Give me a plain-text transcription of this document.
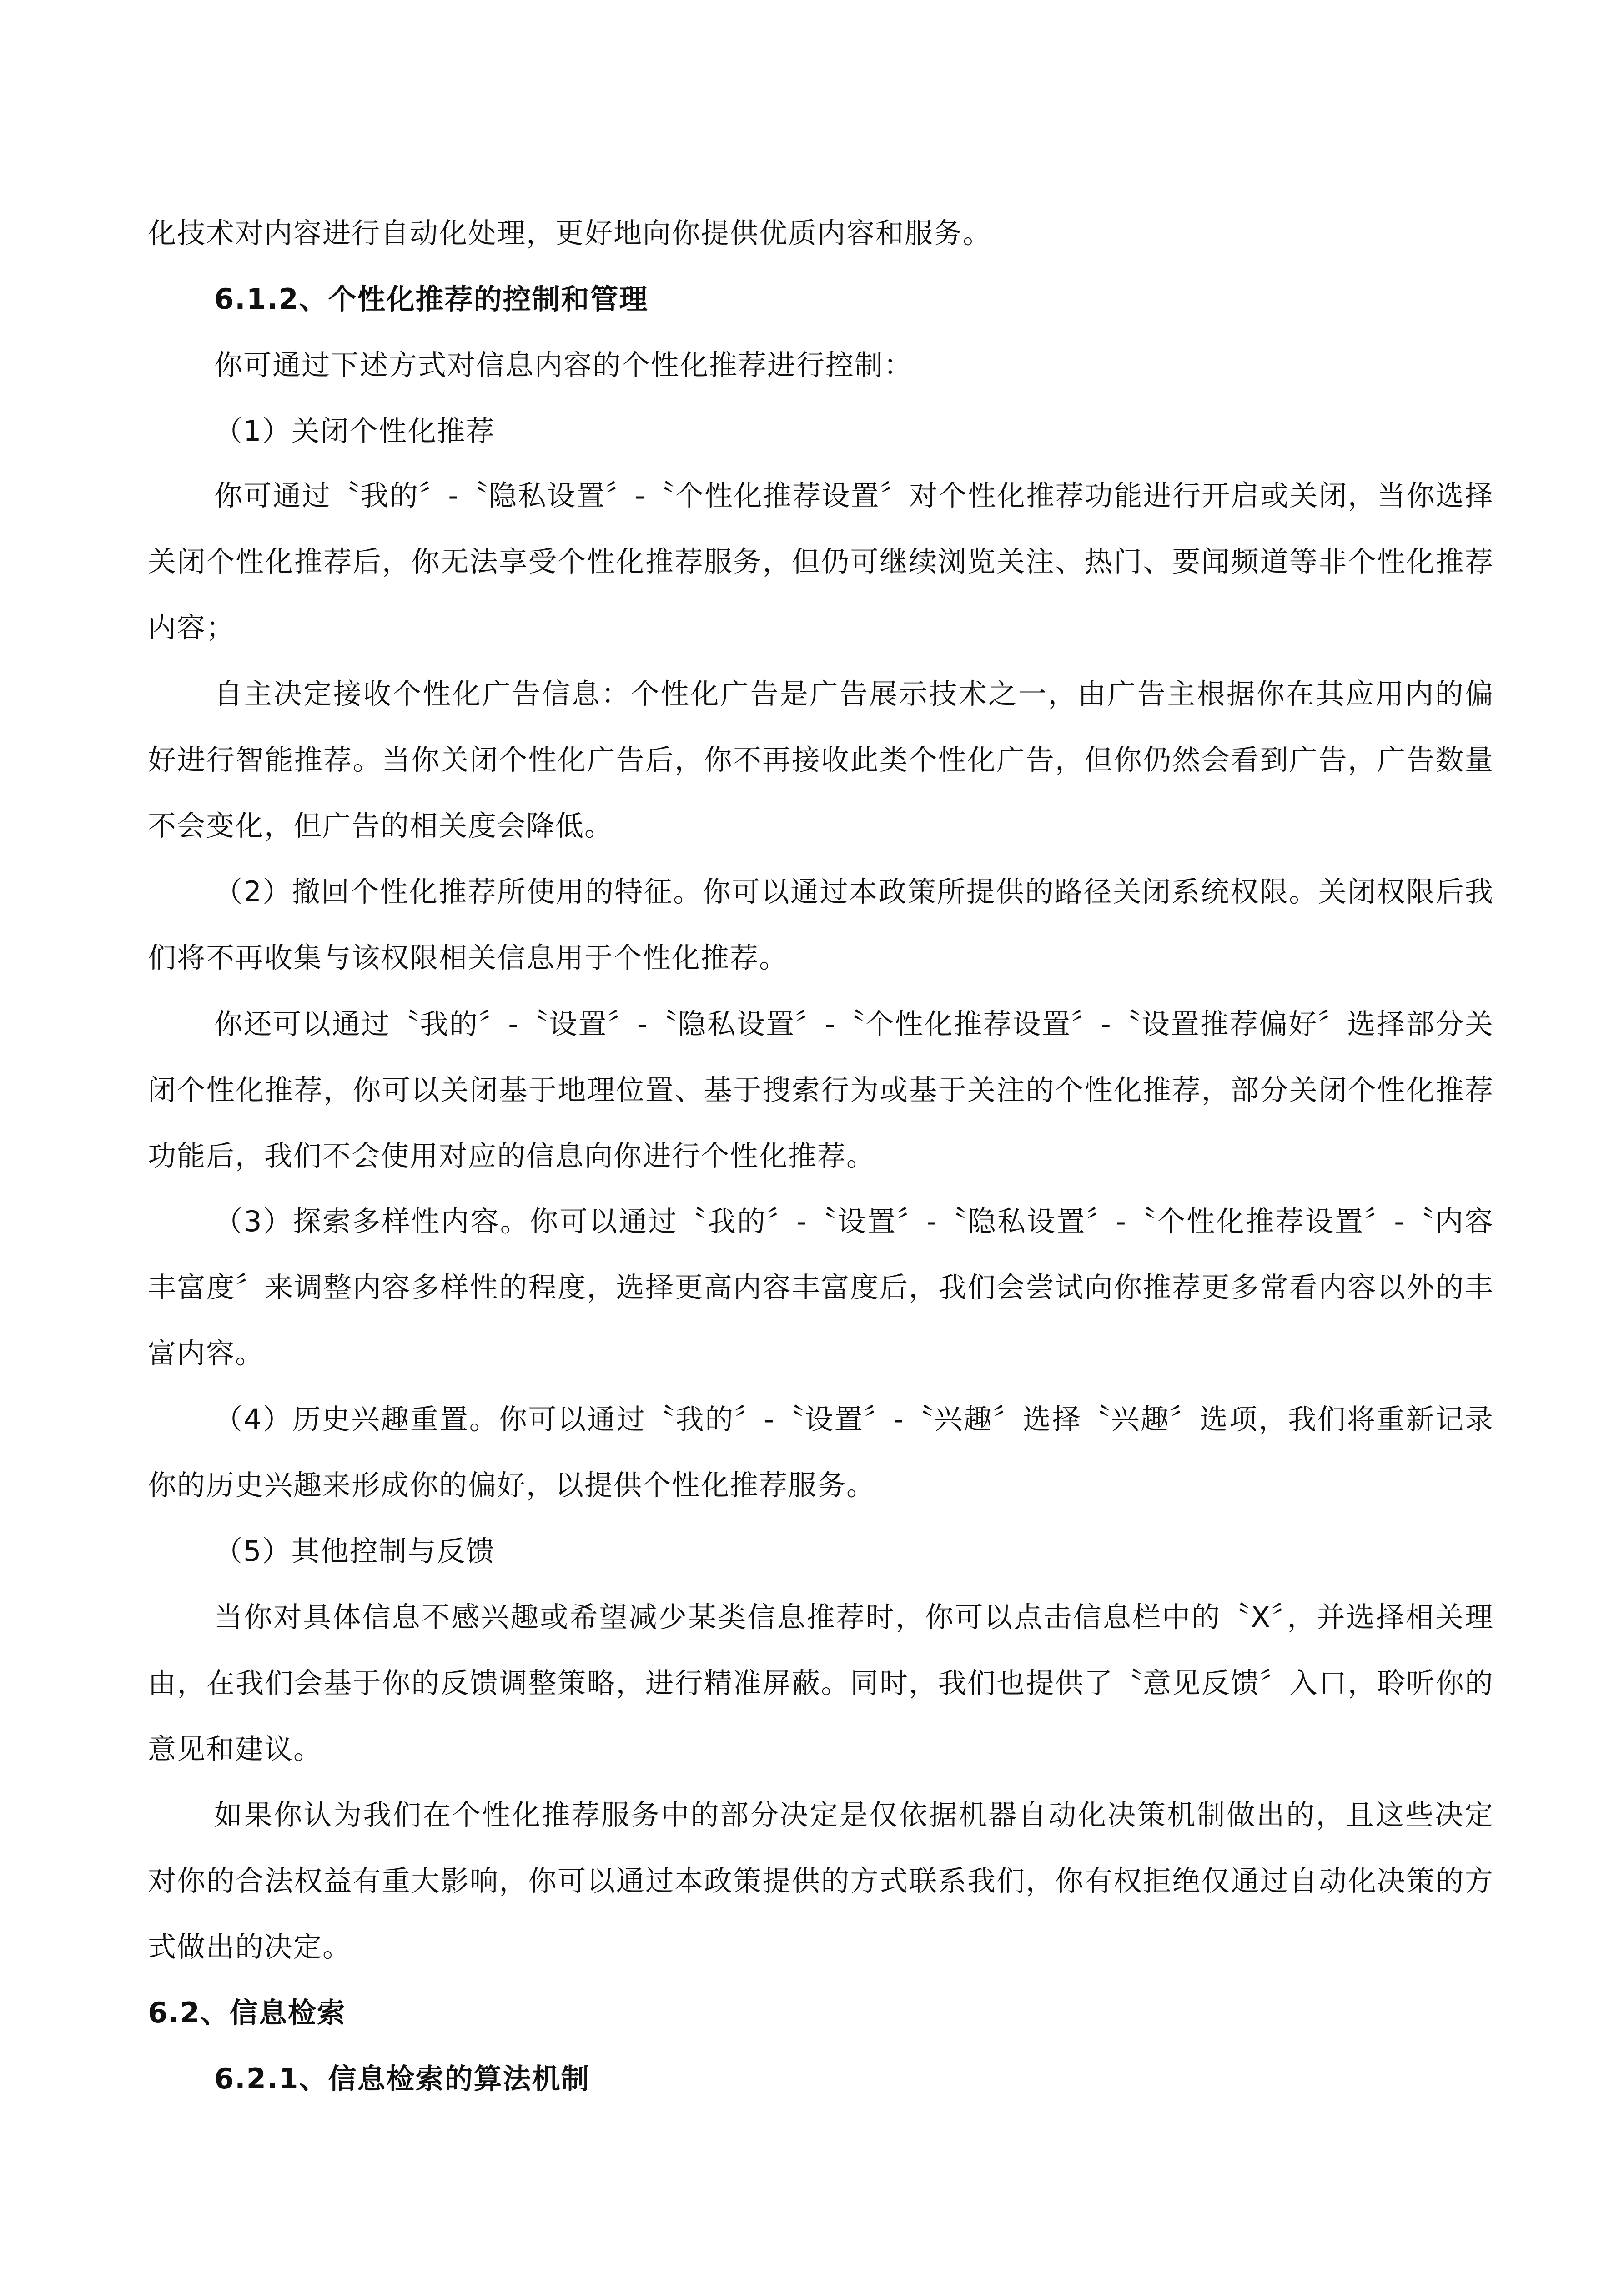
化技术对内容进行自动化处理，更好地向你提供优质内容和服务。

6.1.2、个性化推荐的控制和管理

你可通过下述方式对信息内容的个性化推荐进行控制：

（1）关闭个性化推荐

你可通过〝我的〞-〝隐私设置〞-〝个性化推荐设置〞对个性化推荐功能进行开启或关闭，当你选择关闭个性化推荐后，你无法享受个性化推荐服务，但仍可继续浏览关注、热门、要闻频道等非个性化推荐内容；

自主决定接收个性化广告信息：个性化广告是广告展示技术之一，由广告主根据你在其应用内的偏好进行智能推荐。当你关闭个性化广告后，你不再接收此类个性化广告，但你仍然会看到广告，广告数量不会变化，但广告的相关度会降低。

（2）撤回个性化推荐所使用的特征。你可以通过本政策所提供的路径关闭系统权限。关闭权限后我们将不再收集与该权限相关信息用于个性化推荐。

你还可以通过〝我的〞-〝设置〞-〝隐私设置〞-〝个性化推荐设置〞-〝设置推荐偏好〞选择部分关闭个性化推荐，你可以关闭基于地理位置、基于搜索行为或基于关注的个性化推荐，部分关闭个性化推荐功能后，我们不会使用对应的信息向你进行个性化推荐。

（3）探索多样性内容。你可以通过〝我的〞-〝设置〞-〝隐私设置〞-〝个性化推荐设置〞-〝内容丰富度〞来调整内容多样性的程度，选择更高内容丰富度后，我们会尝试向你推荐更多常看内容以外的丰富内容。

（4）历史兴趣重置。你可以通过〝我的〞-〝设置〞-〝兴趣〞选择〝兴趣〞选项，我们将重新记录你的历史兴趣来形成你的偏好，以提供个性化推荐服务。

（5）其他控制与反馈

当你对具体信息不感兴趣或希望减少某类信息推荐时，你可以点击信息栏中的〝X〞，并选择相关理由，在我们会基于你的反馈调整策略，进行精准屏蔽。同时，我们也提供了〝意见反馈〞入口，聆听你的意见和建议。

如果你认为我们在个性化推荐服务中的部分决定是仅依据机器自动化决策机制做出的，且这些决定对你的合法权益有重大影响，你可以通过本政策提供的方式联系我们，你有权拒绝仅通过自动化决策的方式做出的决定。

6.2、信息检索

6.2.1、信息检索的算法机制
